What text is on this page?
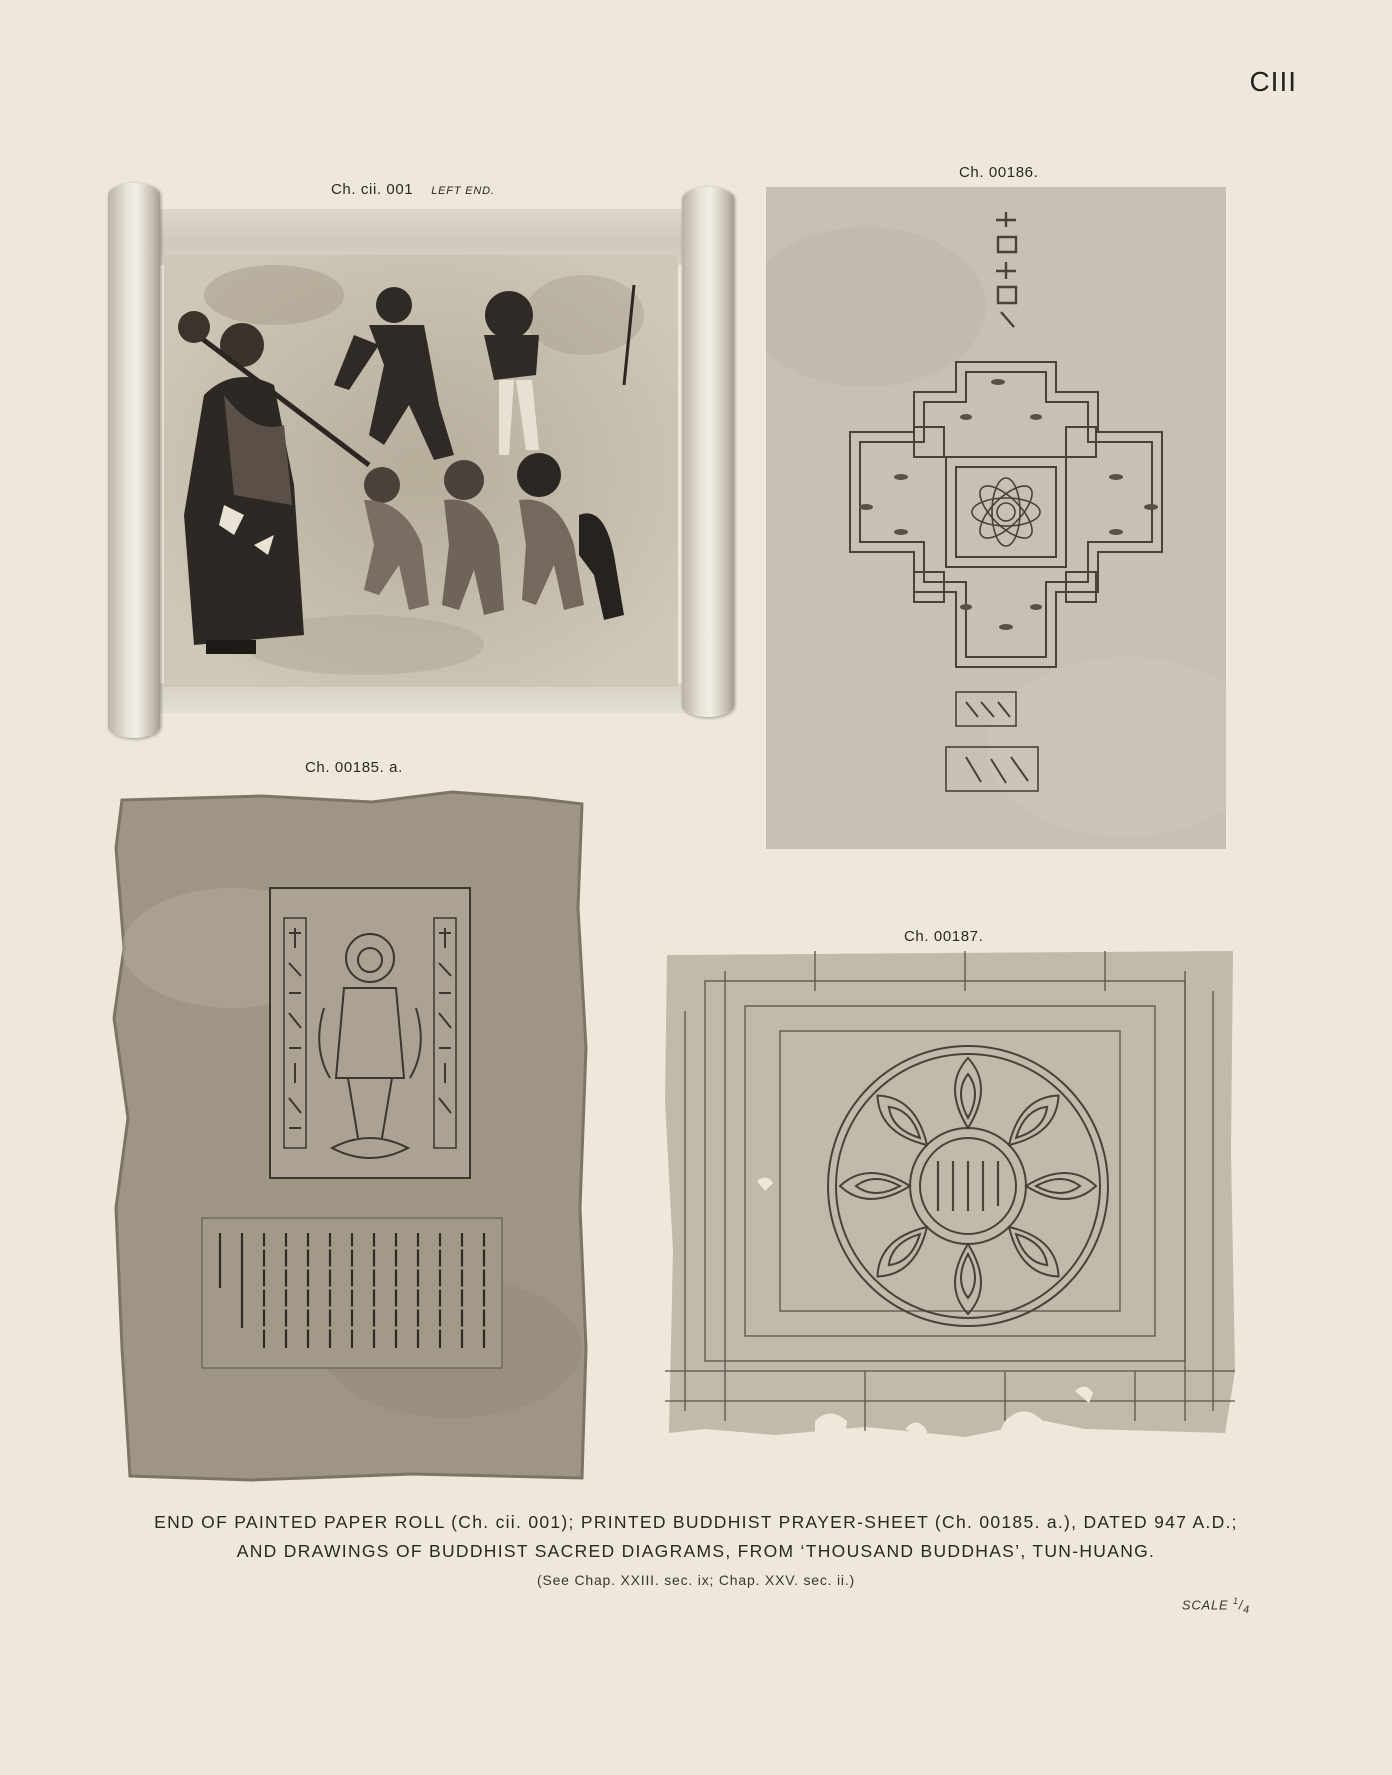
CIII
Ch. cii. 001 LEFT END.
Ch. 00186.
Ch. 00185. a.
Ch. 00187.
END OF PAINTED PAPER ROLL (Ch. cii. 001); PRINTED BUDDHIST PRAYER-SHEET (Ch. 00185. a.), DATED 947 A.D.;
AND DRAWINGS OF BUDDHIST SACRED DIAGRAMS, FROM ‘THOUSAND BUDDHAS’, TUN-HUANG.
(See Chap. XXIII. sec. ix; Chap. XXV. sec. ii.)
SCALE $^1/_4$
